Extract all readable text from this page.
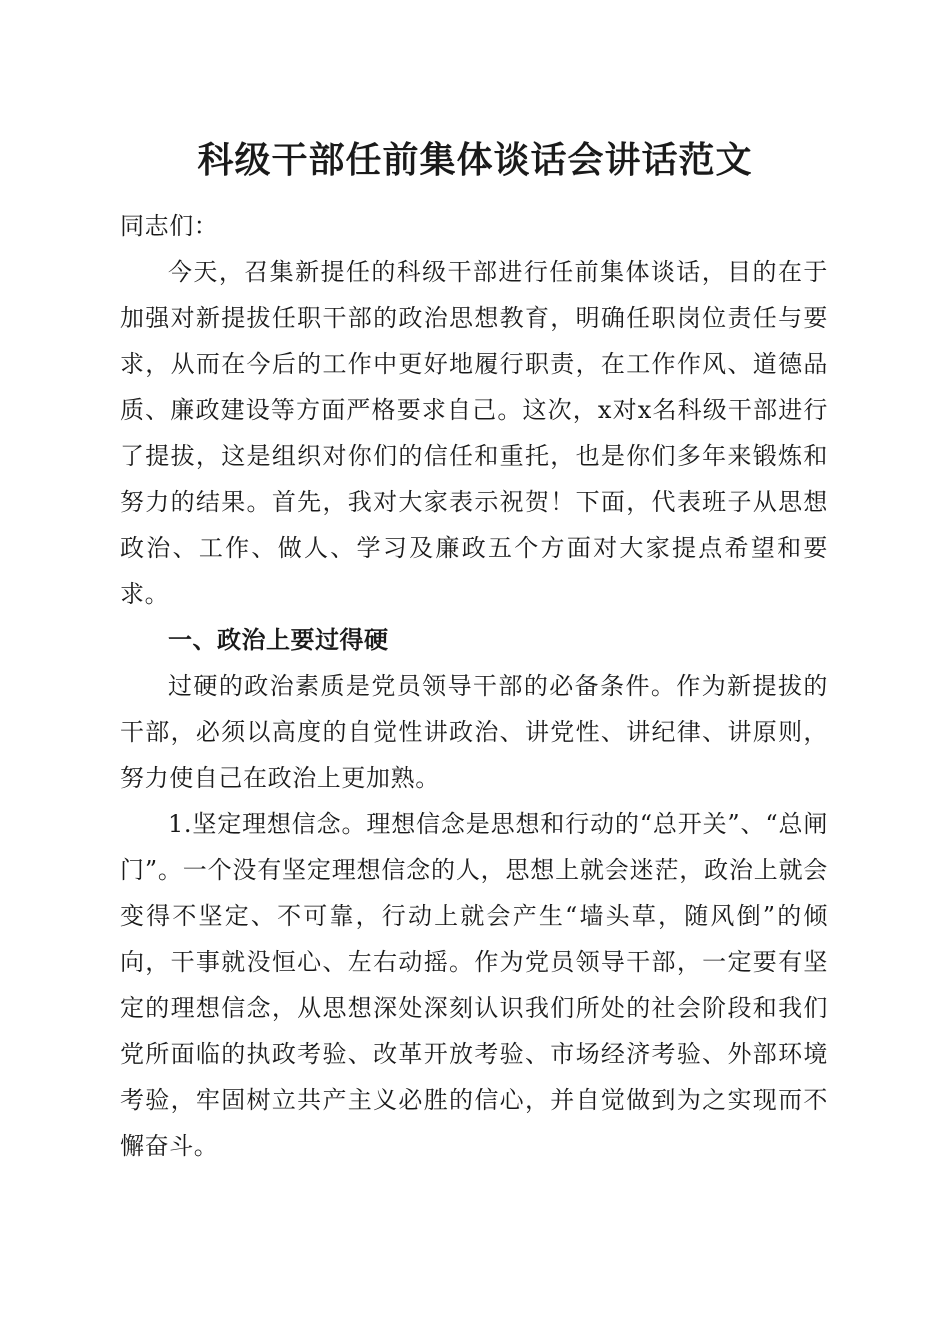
科级干部任前集体谈话会讲话范文

同志们：

今天，召集新提任的科级干部进行任前集体谈话，目的在于加强对新提拔任职干部的政治思想教育，明确任职岗位责任与要求，从而在今后的工作中更好地履行职责，在工作作风、道德品质、廉政建设等方面严格要求自己。这次，x对x名科级干部进行了提拔，这是组织对你们的信任和重托，也是你们多年来锻炼和努力的结果。首先，我对大家表示祝贺！下面，代表班子从思想政治、工作、做人、学习及廉政五个方面对大家提点希望和要求。

一、政治上要过得硬

过硬的政治素质是党员领导干部的必备条件。作为新提拔的干部，必须以高度的自觉性讲政治、讲党性、讲纪律、讲原则，努力使自己在政治上更加熟。

1.坚定理想信念。理想信念是思想和行动的“总开关”、“总闸门”。一个没有坚定理想信念的人，思想上就会迷茫，政治上就会变得不坚定、不可靠，行动上就会产生“墙头草，随风倒”的倾向，干事就没恒心、左右动摇。作为党员领导干部，一定要有坚定的理想信念，从思想深处深刻认识我们所处的社会阶段和我们党所面临的执政考验、改革开放考验、市场经济考验、外部环境考验，牢固树立共产主义必胜的信心，并自觉做到为之实现而不懈奋斗。
